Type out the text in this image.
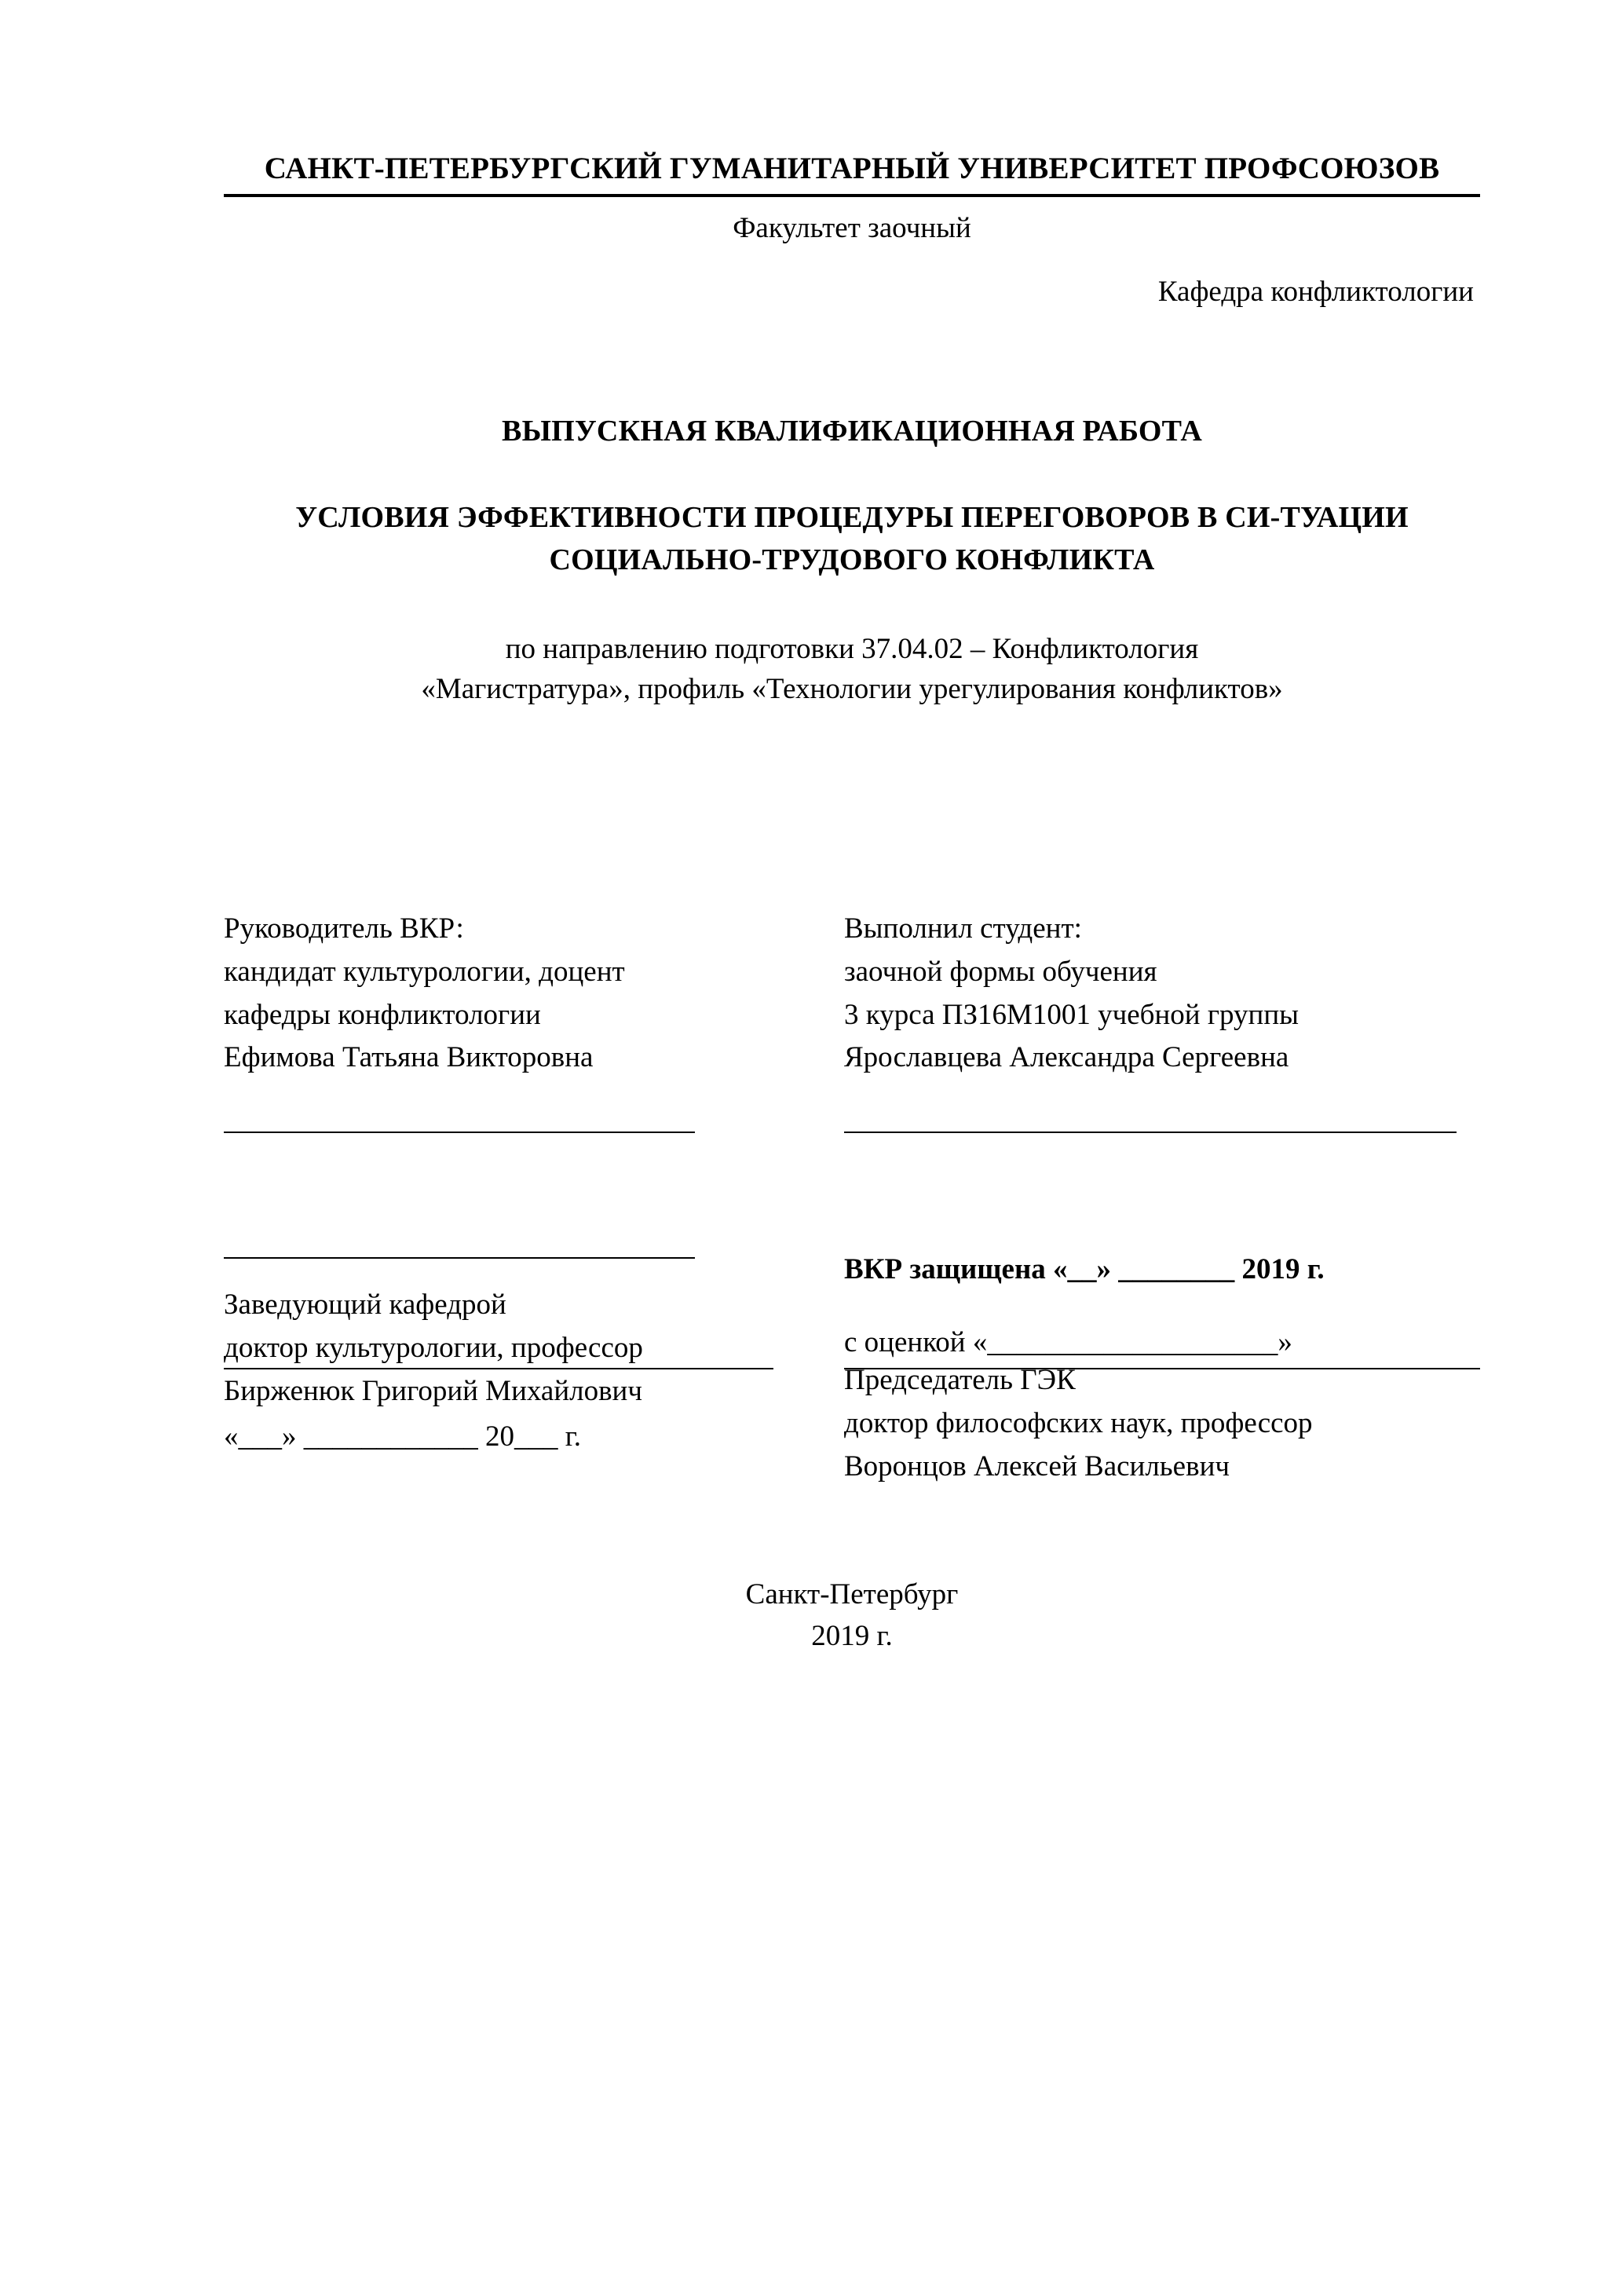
САНКТ-ПЕТЕРБУРГСКИЙ ГУМАНИТАРНЫЙ УНИВЕРСИТЕТ ПРОФСОЮЗОВ
Факультет заочный
Кафедра конфликтологии
ВЫПУСКНАЯ КВАЛИФИКАЦИОННАЯ РАБОТА
УСЛОВИЯ ЭФФЕКТИВНОСТИ ПРОЦЕДУРЫ ПЕРЕГОВОРОВ В СИ-ТУАЦИИ СОЦИАЛЬНО-ТРУДОВОГО КОНФЛИКТА
по направлению подготовки 37.04.02 – Конфликтология
«Магистратура», профиль «Технологии урегулирования конфликтов»
Руководитель ВКР:
кандидат культурологии, доцент
кафедры конфликтологии
Ефимова Татьяна Викторовна
Заведующий кафедрой
доктор культурологии, профессор
Бирженюк Григорий Михайлович
Выполнил студент:
заочной формы обучения
3 курса ПЗ16М1001 учебной группы
Ярославцева Александра Сергеевна
ВКР защищена «__» ________ 2019 г.
с оценкой «____________________»
Председатель ГЭК
доктор философских наук, профессор
Воронцов Алексей Васильевич
«___» ____________ 20___ г.
Санкт-Петербург
2019 г.
